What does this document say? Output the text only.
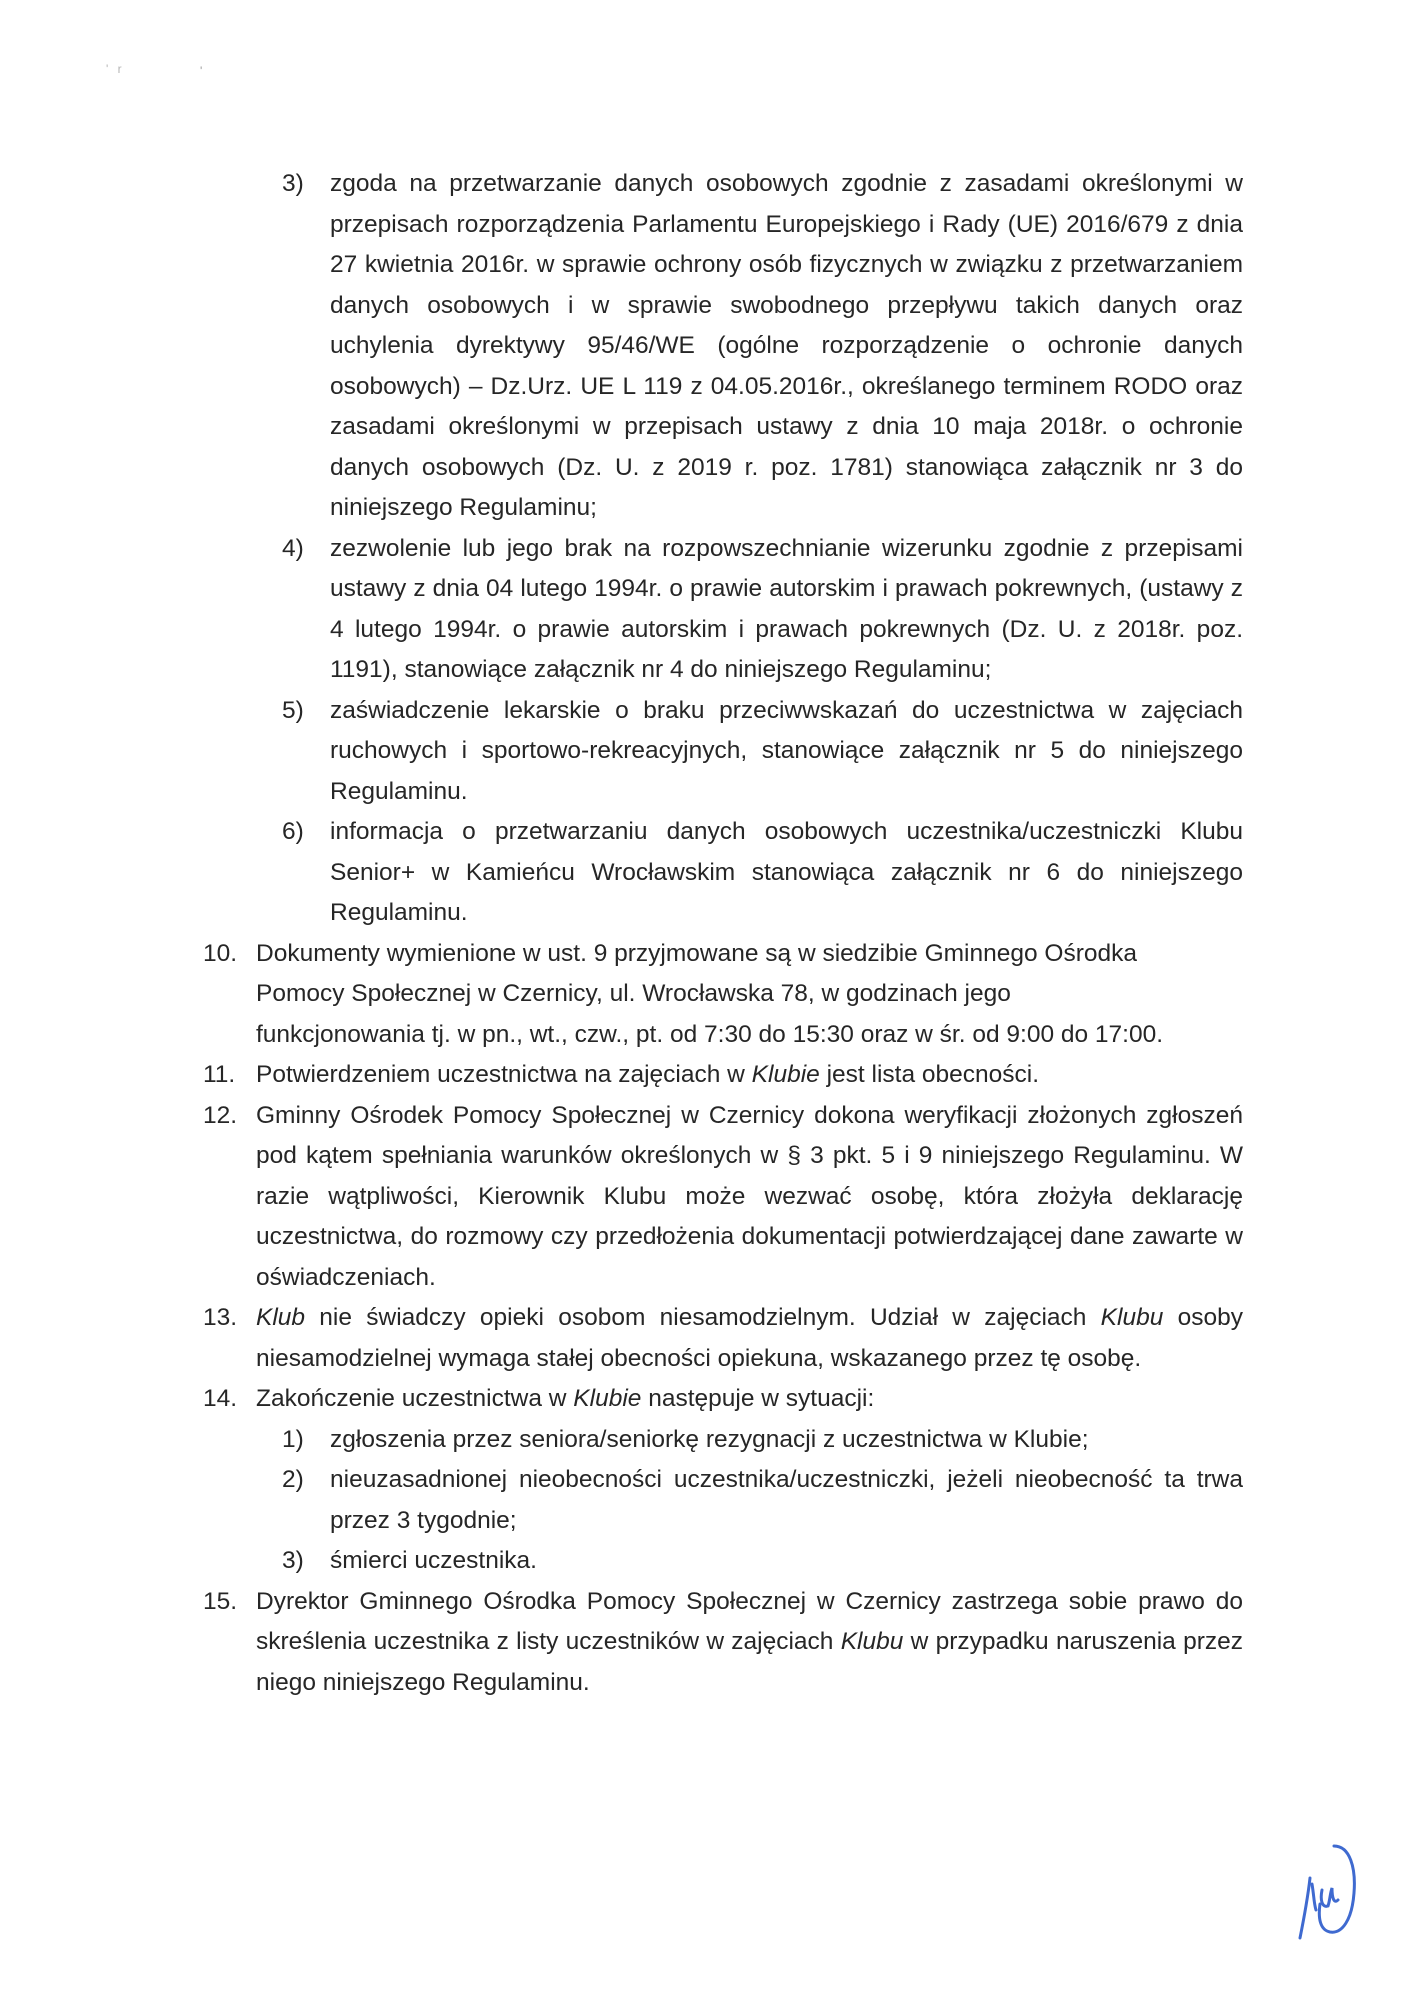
' r	'
3) zgoda na przetwarzanie danych osobowych zgodnie z zasadami określonymi w przepisach rozporządzenia Parlamentu Europejskiego i Rady (UE) 2016/679 z dnia 27 kwietnia 2016r. w sprawie ochrony osób fizycznych w związku z przetwarzaniem danych osobowych i w sprawie swobodnego przepływu takich danych oraz uchylenia dyrektywy 95/46/WE (ogólne rozporządzenie o ochronie danych osobowych) – Dz.Urz. UE L 119 z 04.05.2016r., określanego terminem RODO oraz zasadami określonymi w przepisach ustawy z dnia 10 maja 2018r. o ochronie danych osobowych (Dz. U. z 2019 r. poz. 1781) stanowiąca załącznik nr 3 do niniejszego Regulaminu;
4) zezwolenie lub jego brak na rozpowszechnianie wizerunku zgodnie z przepisami ustawy z dnia 04 lutego 1994r. o prawie autorskim i prawach pokrewnych, (ustawy z 4 lutego 1994r. o prawie autorskim i prawach pokrewnych (Dz. U. z 2018r. poz. 1191), stanowiące załącznik nr 4 do niniejszego Regulaminu;
5) zaświadczenie lekarskie o braku przeciwwskazań do uczestnictwa w zajęciach ruchowych i sportowo-rekreacyjnych, stanowiące załącznik nr 5 do niniejszego Regulaminu.
6) informacja o przetwarzaniu danych osobowych uczestnika/uczestniczki Klubu Senior+ w Kamieńcu Wrocławskim stanowiąca załącznik nr 6 do niniejszego Regulaminu.
10. Dokumenty wymienione w ust. 9 przyjmowane są w siedzibie Gminnego Ośrodka
Pomocy Społecznej w Czernicy, ul. Wrocławska 78, w godzinach jego
funkcjonowania tj. w pn., wt., czw., pt. od 7:30 do 15:30 oraz w śr. od 9:00 do 17:00.
11. Potwierdzeniem uczestnictwa na zajęciach w Klubie jest lista obecności.
12. Gminny Ośrodek Pomocy Społecznej w Czernicy dokona weryfikacji złożonych zgłoszeń pod kątem spełniania warunków określonych w § 3 pkt. 5 i 9 niniejszego Regulaminu. W razie wątpliwości, Kierownik Klubu może wezwać osobę, która złożyła deklarację uczestnictwa, do rozmowy czy przedłożenia dokumentacji potwierdzającej dane zawarte w oświadczeniach.
13. Klub nie świadczy opieki osobom niesamodzielnym. Udział w zajęciach Klubu osoby niesamodzielnej wymaga stałej obecności opiekuna, wskazanego przez tę osobę.
14. Zakończenie uczestnictwa w Klubie następuje w sytuacji:
1) zgłoszenia przez seniora/seniorkę rezygnacji z uczestnictwa w Klubie;
2) nieuzasadnionej nieobecności uczestnika/uczestniczki, jeżeli nieobecność ta trwa przez 3 tygodnie;
3) śmierci uczestnika.
15. Dyrektor Gminnego Ośrodka Pomocy Społecznej w Czernicy zastrzega sobie prawo do skreślenia uczestnika z listy uczestników w zajęciach Klubu w przypadku naruszenia przez niego niniejszego Regulaminu.
